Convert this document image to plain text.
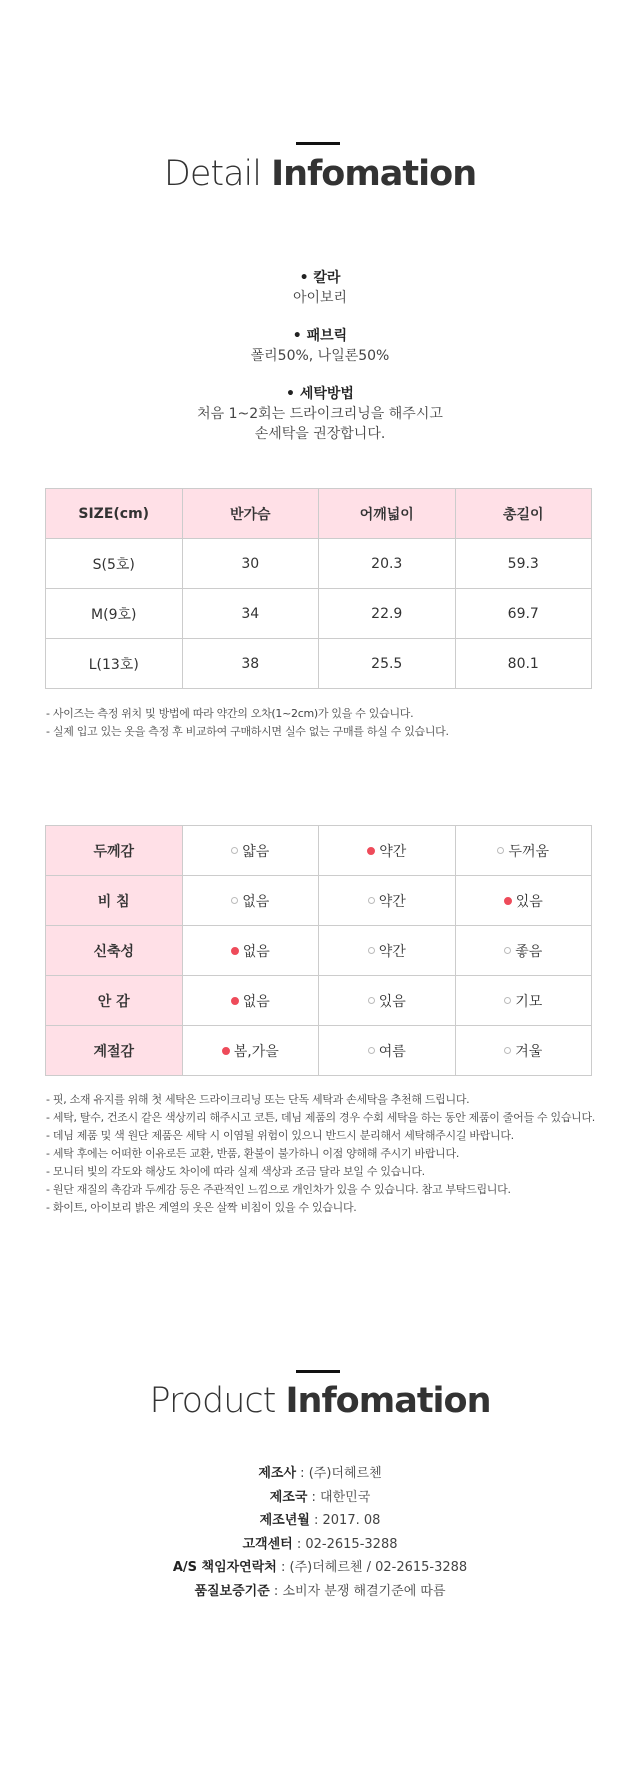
Detail Infomation
• 칼라
아이보리
• 패브릭
폴리50%, 나일론50%
• 세탁방법
처음 1~2회는 드라이크리닝을 해주시고
손세탁을 권장합니다.
SIZE(cm)	반가슴	어깨넓이	총길이
S(5호)	30	20.3	59.3
M(9호)	34	22.9	69.7
L(13호)	38	25.5	80.1
- 사이즈는 측정 위치 및 방법에 따라 약간의 오차(1~2cm)가 있을 수 있습니다.
- 실제 입고 있는 옷을 측정 후 비교하여 구매하시면 실수 없는 구매를 하실 수 있습니다.
두께감	얇음	약간	두꺼움
비 침	없음	약간	있음
신축성	없음	약간	좋음
안 감	없음	있음	기모
계절감	봄,가을	여름	겨울
- 핏, 소재 유지를 위해 첫 세탁은 드라이크리닝 또는 단독 세탁과 손세탁을 추천해 드립니다.
- 세탁, 탈수, 건조시 같은 색상끼리 해주시고 코튼, 데님 제품의 경우 수회 세탁을 하는 동안 제품이 줄어들 수 있습니다.
- 데님 제품 및 색 원단 제품은 세탁 시 이염될 위험이 있으니 반드시 분리해서 세탁해주시길 바랍니다.
- 세탁 후에는 어떠한 이유로든 교환, 반품, 환불이 불가하니 이점 양해해 주시기 바랍니다.
- 모니터 빛의 각도와 해상도 차이에 따라 실제 색상과 조금 달라 보일 수 있습니다.
- 원단 재질의 촉감과 두께감 등은 주관적인 느낌으로 개인차가 있을 수 있습니다. 참고 부탁드립니다.
- 화이트, 아이보리 밝은 계열의 옷은 살짝 비침이 있을 수 있습니다.
Product Infomation
제조사 : (주)더헤르첸
제조국 : 대한민국
제조년월 : 2017. 08
고객센터 : 02-2615-3288
A/S 책임자연락처 : (주)더헤르첸 / 02-2615-3288
품질보증기준 : 소비자 분쟁 해결기준에 따름
